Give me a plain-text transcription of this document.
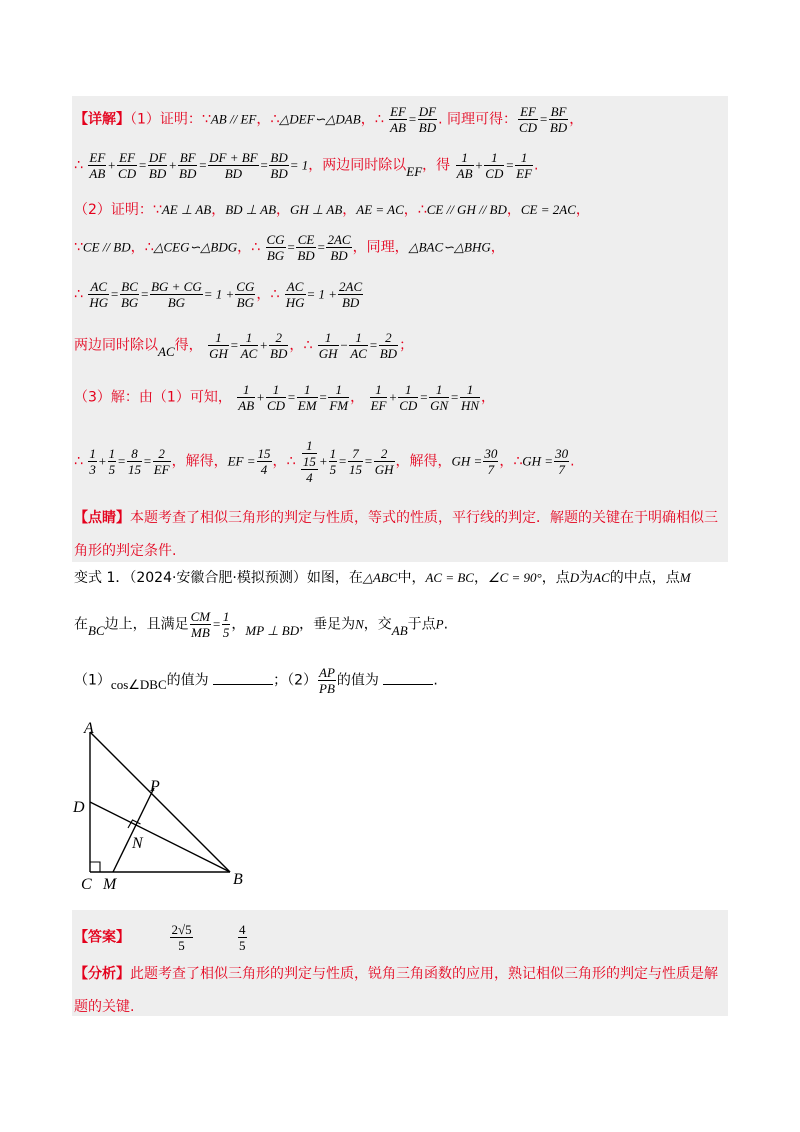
【详解】（1）证明：∵AB // EF，∴△DEF∽△DAB，∴ $\frac{EF}{AB} = \frac{DF}{BD}$ . 同理可得： $\frac{EF}{CD} = \frac{BF}{BD}$ ，
∴ $\frac{EF}{AB} + \frac{EF}{CD} = \frac{DF}{BD} + \frac{BF}{BD} = \frac{DF + BF}{BD} = \frac{BD}{BD} = 1$，两边同时除以EF，得 $\frac{1}{AB} + \frac{1}{CD} = \frac{1}{EF}$ .
（2）证明：∵AE ⊥ AB，BD ⊥ AB，GH ⊥ AB，AE = AC，∴CE // GH // BD，CE = 2AC，
∵CE // BD，∴△CEG∽△BDG，∴ $\frac{CG}{BG} = \frac{CE}{BD} = \frac{2AC}{BD}$ ，同理，△BAC∽△BHG，
∴ $\frac{AC}{HG} = \frac{BC}{BG} = \frac{BG + CG}{BG} = 1 + \frac{CG}{BG}$ ，∴ $\frac{AC}{HG} = 1 + \frac{2AC}{BD}$
两边同时除以AC得， $\frac{1}{GH} = \frac{1}{AC} + \frac{2}{BD}$ ，∴ $\frac{1}{GH} - \frac{1}{AC} = \frac{2}{BD}$ ；
（3）解：由（1）可知， $\frac{1}{AB} + \frac{1}{CD} = \frac{1}{EM} = \frac{1}{FM}$ ， $\frac{1}{EF} + \frac{1}{CD} = \frac{1}{GN} = \frac{1}{HN}$ ，
∴ $\frac{1}{3} + \frac{1}{5} = \frac{8}{15} = \frac{2}{EF}$ ，解得，EF = $\frac{15}{4}$ ，∴ $\frac{\frac{1}{15}}{4} + \frac{1}{5} = \frac{7}{15} = \frac{2}{GH}$ ，解得，GH = $\frac{30}{7}$ ，∴GH = $\frac{30}{7}$ .
【点睛】本题考查了相似三角形的判定与性质，等式的性质，平行线的判定．解题的关键在于明确相似三
角形的判定条件.
变式 1．（2024·安徽合肥·模拟预测）如图，在△ABC中，AC = BC，∠C = 90°，点D为AC的中点，点M
在BC边上，且满足 $\frac{CM}{MB} = \frac{1}{5}$ ，MP ⊥ BD，垂足为N，交AB于点P.
（1）cos∠DBC的值为	；$(2) \frac{AP}{PB}$ 的值为	.
A
B
C
D
M
N
P
【答案】	$\frac{2√5}{5}$
	$\frac{4}{5}$
【分析】此题考查了相似三角形的判定与性质，锐角三角函数的应用，熟记相似三角形的判定与性质是解
题的关键.
